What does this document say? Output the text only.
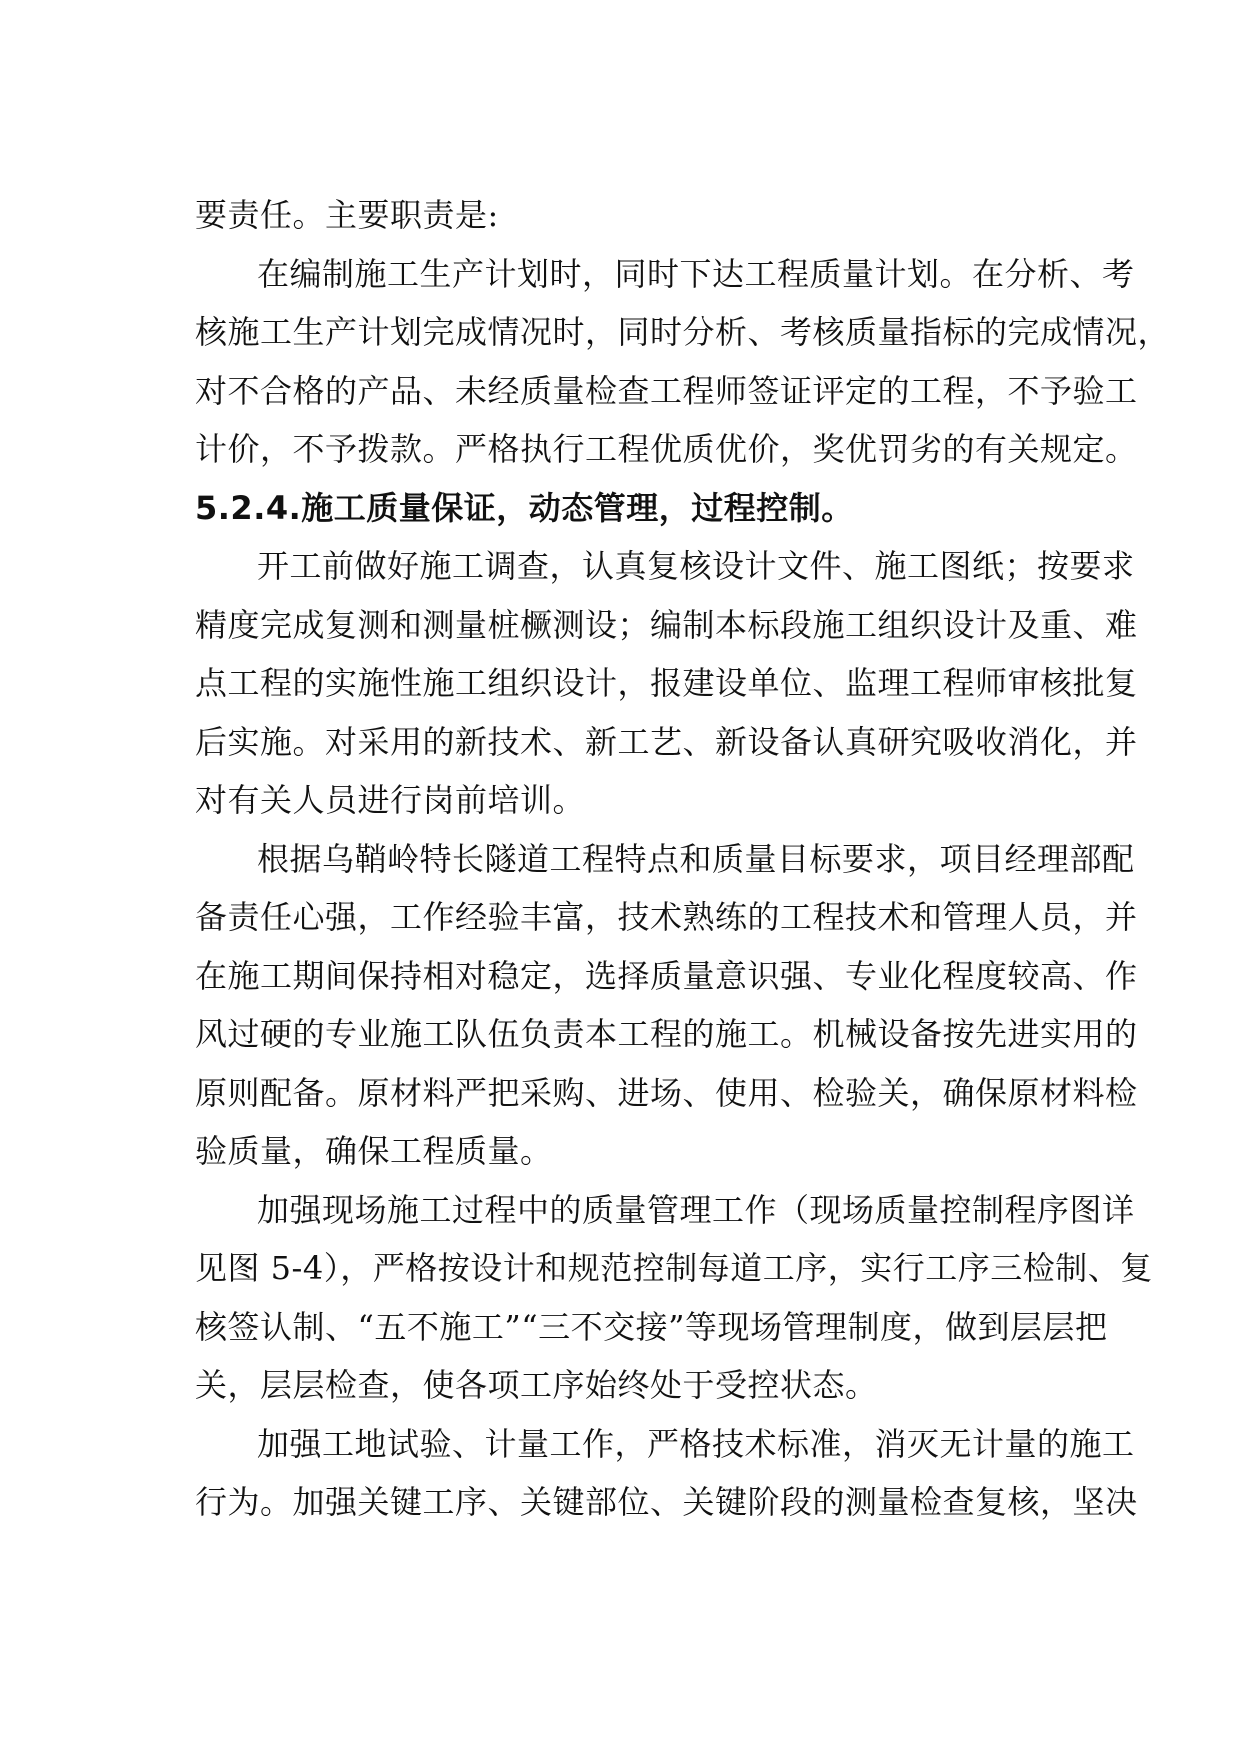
要责任。主要职责是:
在编制施工生产计划时，同时下达工程质量计划。在分析、考
核施工生产计划完成情况时，同时分析、考核质量指标的完成情况，
对不合格的产品、未经质量检查工程师签证评定的工程，不予验工
计价，不予拨款。严格执行工程优质优价，奖优罚劣的有关规定。
5.2.4.施工质量保证，动态管理，过程控制。
开工前做好施工调查，认真复核设计文件、施工图纸；按要求
精度完成复测和测量桩橛测设；编制本标段施工组织设计及重、难
点工程的实施性施工组织设计，报建设单位、监理工程师审核批复
后实施。对采用的新技术、新工艺、新设备认真研究吸收消化，并
对有关人员进行岗前培训。
根据乌鞘岭特长隧道工程特点和质量目标要求，项目经理部配
备责任心强，工作经验丰富，技术熟练的工程技术和管理人员，并
在施工期间保持相对稳定，选择质量意识强、专业化程度较高、作
风过硬的专业施工队伍负责本工程的施工。机械设备按先进实用的
原则配备。原材料严把采购、进场、使用、检验关，确保原材料检
验质量，确保工程质量。
加强现场施工过程中的质量管理工作（现场质量控制程序图详
见图 5-4），严格按设计和规范控制每道工序，实行工序三检制、复
核签认制、“五不施工”“三不交接”等现场管理制度，做到层层把
关，层层检查，使各项工序始终处于受控状态。
加强工地试验、计量工作，严格技术标准，消灭无计量的施工
行为。加强关键工序、关键部位、关键阶段的测量检查复核，坚决
